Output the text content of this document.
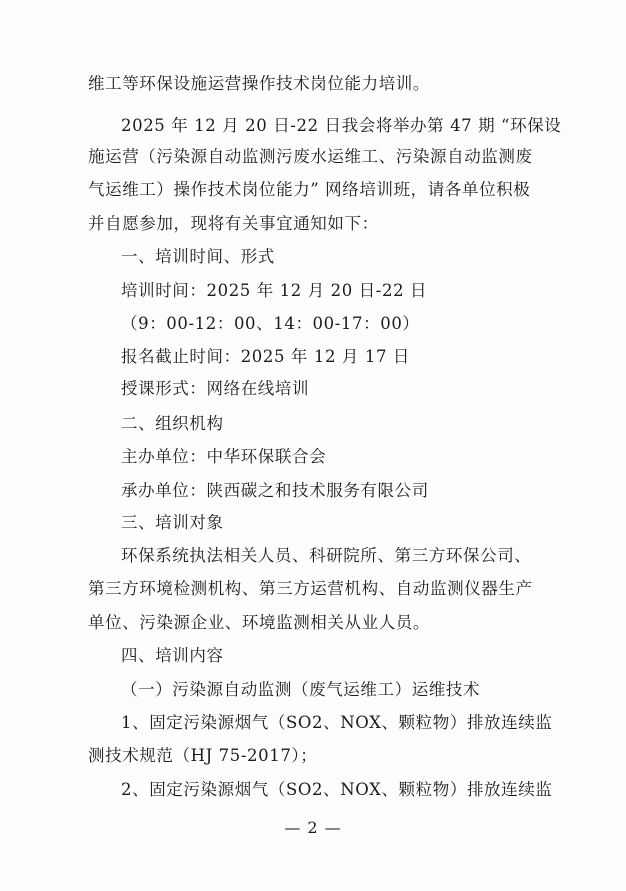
维工等环保设施运营操作技术岗位能力培训。
2025 年 12 月 20 日-22 日我会将举办第 47 期 “环保设
施运营（污染源自动监测污废水运维工、污染源自动监测废
气运维工）操作技术岗位能力” 网络培训班，请各单位积极
并自愿参加，现将有关事宜通知如下：
一、培训时间、形式
培训时间：2025 年 12 月 20 日-22 日
（9：00-12：00、14：00-17：00）
报名截止时间：2025 年 12 月 17 日
授课形式：网络在线培训
二、组织机构
主办单位：中华环保联合会
承办单位：陕西碳之和技术服务有限公司
三、培训对象
环保系统执法相关人员、科研院所、第三方环保公司、
第三方环境检测机构、第三方运营机构、自动监测仪器生产
单位、污染源企业、环境监测相关从业人员。
四、培训内容
（一）污染源自动监测（废气运维工）运维技术
1、固定污染源烟气（SO2、NOX、颗粒物）排放连续监
测技术规范（HJ 75-2017）；
2、固定污染源烟气（SO2、NOX、颗粒物）排放连续监
— 2 —
